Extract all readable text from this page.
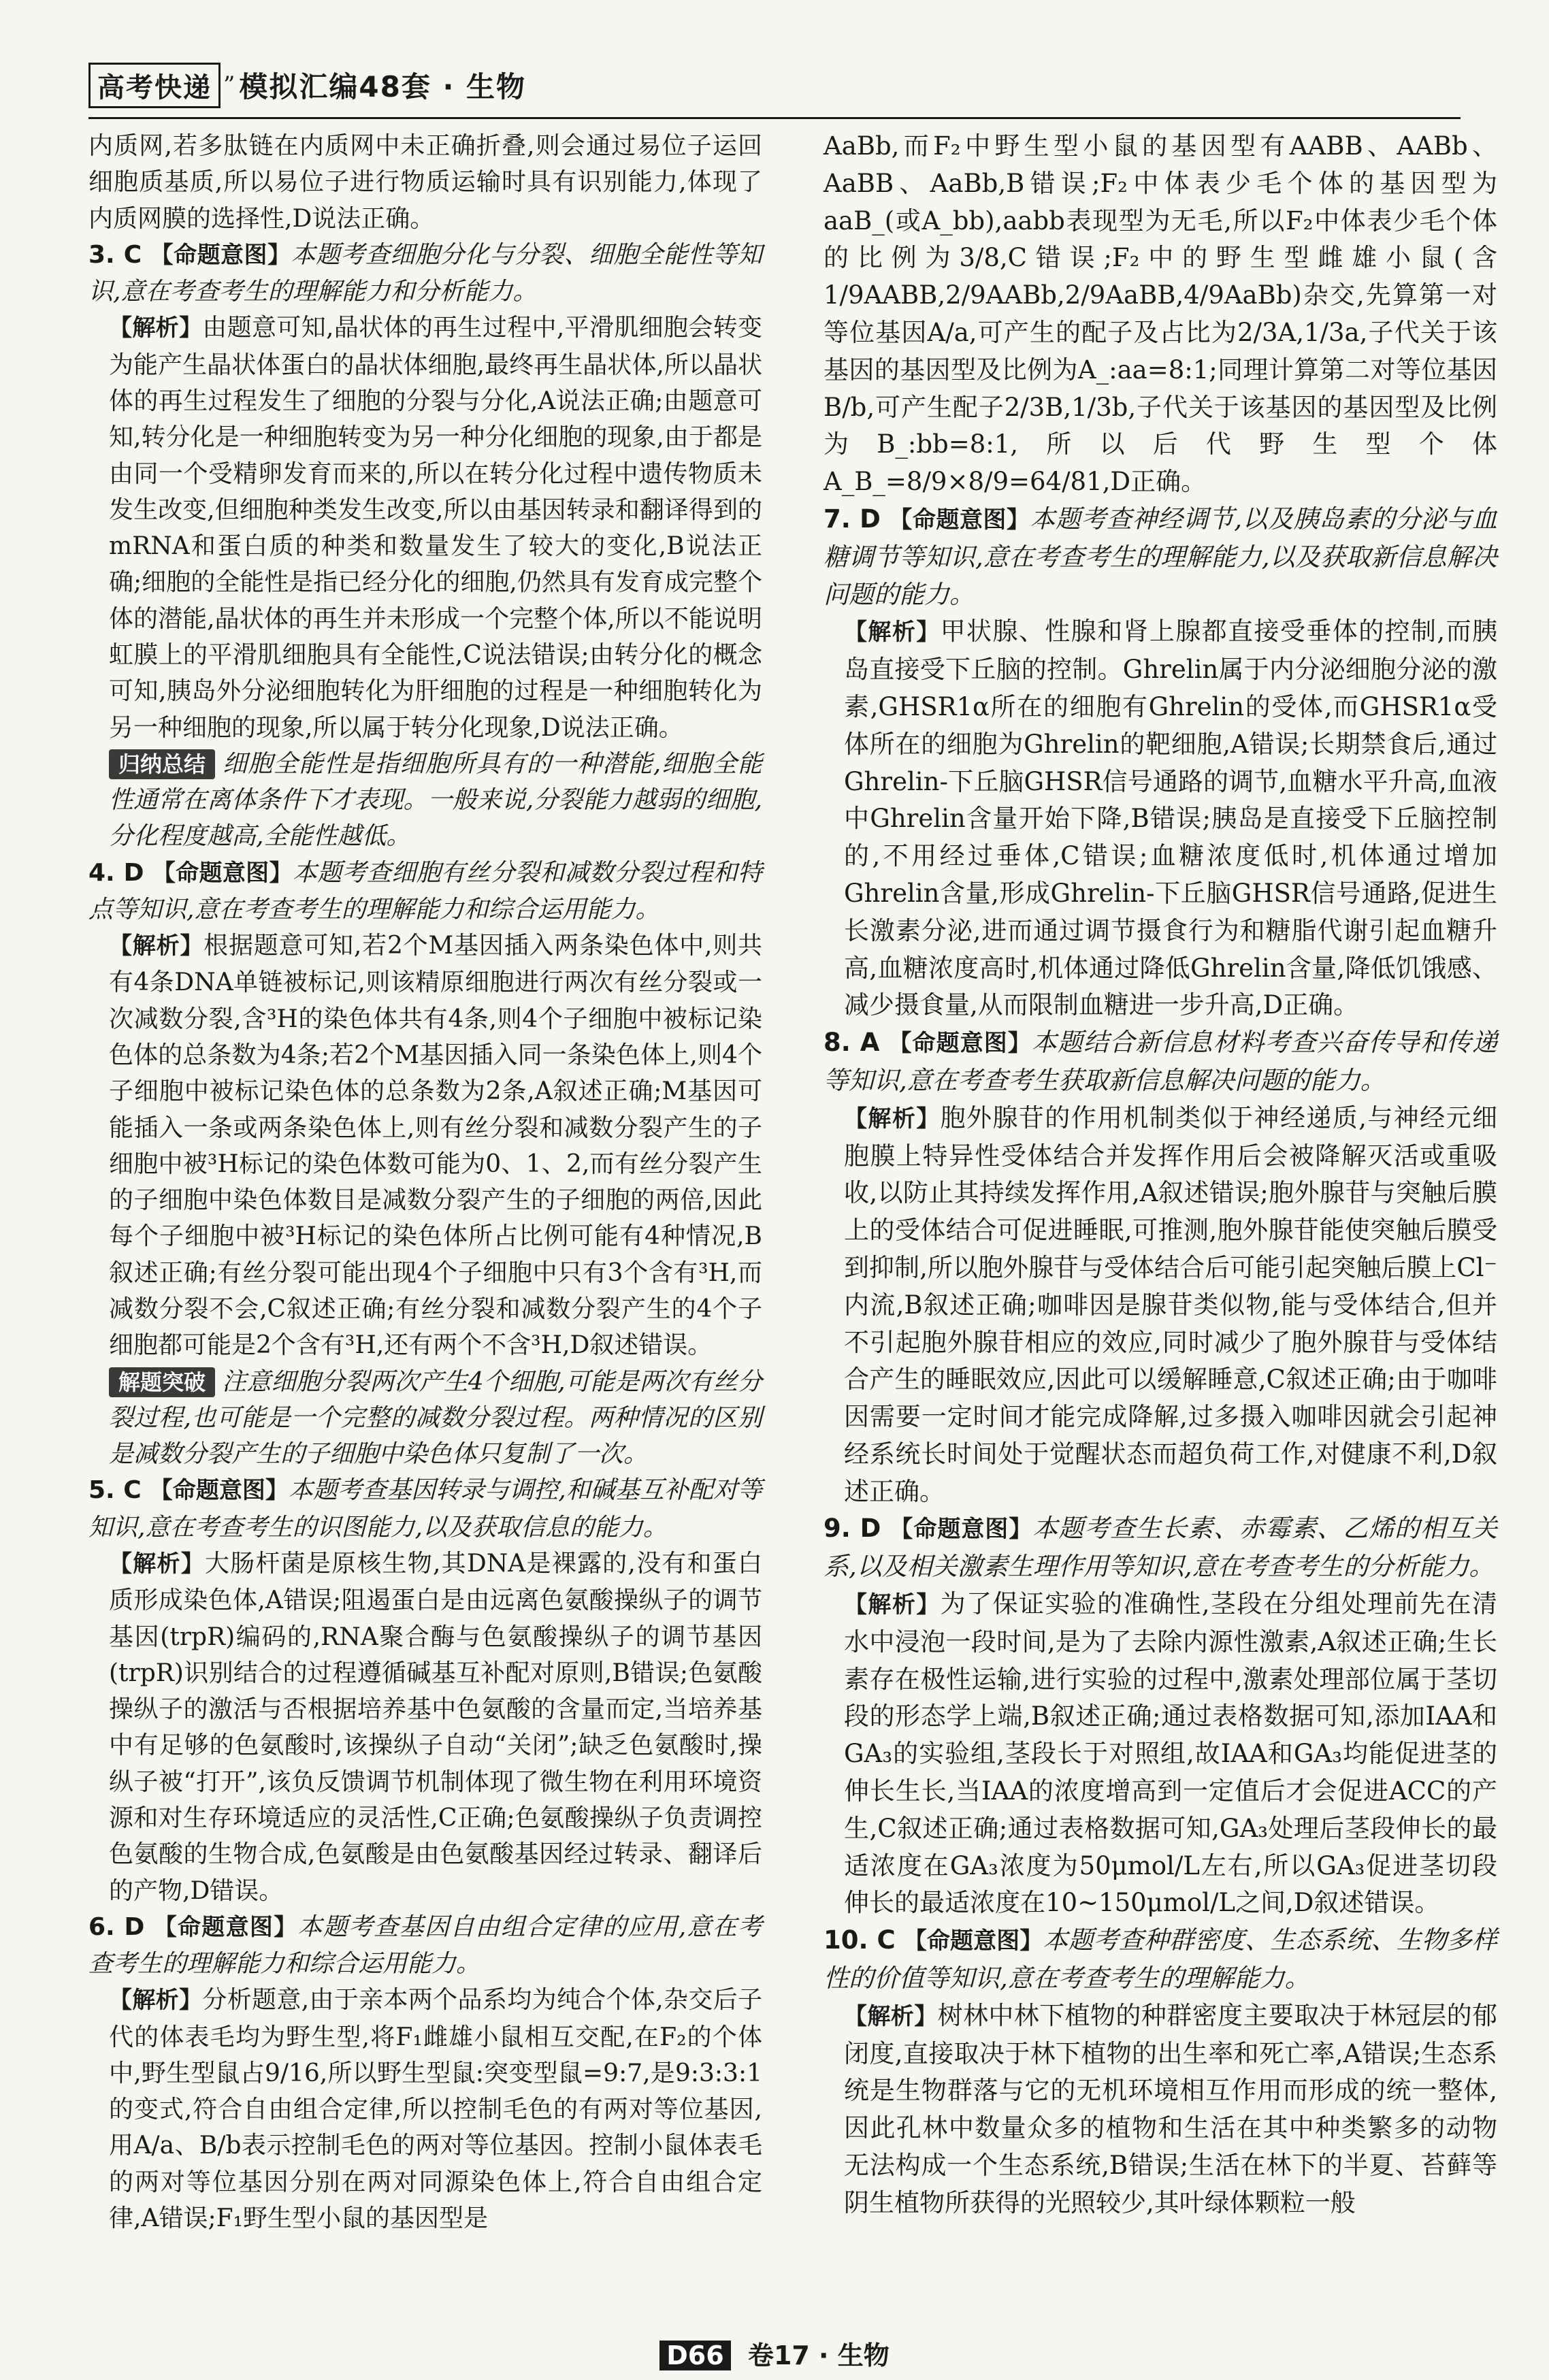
高考快递 ” 模拟汇编48套 · 生物

内质网,若多肽链在内质网中未正确折叠,则会通过易位子运回细胞质基质,所以易位子进行物质运输时具有识别能力,体现了内质网膜的选择性,D说法正确。

3. C 【命题意图】本题考查细胞分化与分裂、细胞全能性等知识,意在考查考生的理解能力和分析能力。

【解析】由题意可知,晶状体的再生过程中,平滑肌细胞会转变为能产生晶状体蛋白的晶状体细胞,最终再生晶状体,所以晶状体的再生过程发生了细胞的分裂与分化,A说法正确;由题意可知,转分化是一种细胞转变为另一种分化细胞的现象,由于都是由同一个受精卵发育而来的,所以在转分化过程中遗传物质未发生改变,但细胞种类发生改变,所以由基因转录和翻译得到的mRNA和蛋白质的种类和数量发生了较大的变化,B说法正确;细胞的全能性是指已经分化的细胞,仍然具有发育成完整个体的潜能,晶状体的再生并未形成一个完整个体,所以不能说明虹膜上的平滑肌细胞具有全能性,C说法错误;由转分化的概念可知,胰岛外分泌细胞转化为肝细胞的过程是一种细胞转化为另一种细胞的现象,所以属于转分化现象,D说法正确。

归纳总结 细胞全能性是指细胞所具有的一种潜能,细胞全能性通常在离体条件下才表现。一般来说,分裂能力越弱的细胞,分化程度越高,全能性越低。

4. D 【命题意图】本题考查细胞有丝分裂和减数分裂过程和特点等知识,意在考查考生的理解能力和综合运用能力。

【解析】根据题意可知,若2个M基因插入两条染色体中,则共有4条DNA单链被标记,则该精原细胞进行两次有丝分裂或一次减数分裂,含³H的染色体共有4条,则4个子细胞中被标记染色体的总条数为4条;若2个M基因插入同一条染色体上,则4个子细胞中被标记染色体的总条数为2条,A叙述正确;M基因可能插入一条或两条染色体上,则有丝分裂和减数分裂产生的子细胞中被³H标记的染色体数可能为0、1、2,而有丝分裂产生的子细胞中染色体数目是减数分裂产生的子细胞的两倍,因此每个子细胞中被³H标记的染色体所占比例可能有4种情况,B叙述正确;有丝分裂可能出现4个子细胞中只有3个含有³H,而减数分裂不会,C叙述正确;有丝分裂和减数分裂产生的4个子细胞都可能是2个含有³H,还有两个不含³H,D叙述错误。

解题突破 注意细胞分裂两次产生4个细胞,可能是两次有丝分裂过程,也可能是一个完整的减数分裂过程。两种情况的区别是减数分裂产生的子细胞中染色体只复制了一次。

5. C 【命题意图】本题考查基因转录与调控,和碱基互补配对等知识,意在考查考生的识图能力,以及获取信息的能力。

【解析】大肠杆菌是原核生物,其DNA是裸露的,没有和蛋白质形成染色体,A错误;阻遏蛋白是由远离色氨酸操纵子的调节基因(trpR)编码的,RNA聚合酶与色氨酸操纵子的调节基因(trpR)识别结合的过程遵循碱基互补配对原则,B错误;色氨酸操纵子的激活与否根据培养基中色氨酸的含量而定,当培养基中有足够的色氨酸时,该操纵子自动“关闭”;缺乏色氨酸时,操纵子被“打开”,该负反馈调节机制体现了微生物在利用环境资源和对生存环境适应的灵活性,C正确;色氨酸操纵子负责调控色氨酸的生物合成,色氨酸是由色氨酸基因经过转录、翻译后的产物,D错误。

6. D 【命题意图】本题考查基因自由组合定律的应用,意在考查考生的理解能力和综合运用能力。

【解析】分析题意,由于亲本两个品系均为纯合个体,杂交后子代的体表毛均为野生型,将F₁雌雄小鼠相互交配,在F₂的个体中,野生型鼠占9/16,所以野生型鼠:突变型鼠=9:7,是9:3:3:1的变式,符合自由组合定律,所以控制毛色的有两对等位基因,用A/a、B/b表示控制毛色的两对等位基因。控制小鼠体表毛的两对等位基因分别在两对同源染色体上,符合自由组合定律,A错误;F₁野生型小鼠的基因型是

AaBb,而F₂中野生型小鼠的基因型有AABB、AABb、AaBB、AaBb,B错误;F₂中体表少毛个体的基因型为aaB_(或A_bb),aabb表现型为无毛,所以F₂中体表少毛个体的比例为3/8,C错误;F₂中的野生型雌雄小鼠(含1/9AABB,2/9AABb,2/9AaBB,4/9AaBb)杂交,先算第一对等位基因A/a,可产生的配子及占比为2/3A,1/3a,子代关于该基因的基因型及比例为A_:aa=8:1;同理计算第二对等位基因B/b,可产生配子2/3B,1/3b,子代关于该基因的基因型及比例为B_:bb=8:1,所以后代野生型个体A_B_=8/9×8/9=64/81,D正确。

7. D 【命题意图】本题考查神经调节,以及胰岛素的分泌与血糖调节等知识,意在考查考生的理解能力,以及获取新信息解决问题的能力。

【解析】甲状腺、性腺和肾上腺都直接受垂体的控制,而胰岛直接受下丘脑的控制。Ghrelin属于内分泌细胞分泌的激素,GHSR1α所在的细胞有Ghrelin的受体,而GHSR1α受体所在的细胞为Ghrelin的靶细胞,A错误;长期禁食后,通过Ghrelin-下丘脑GHSR信号通路的调节,血糖水平升高,血液中Ghrelin含量开始下降,B错误;胰岛是直接受下丘脑控制的,不用经过垂体,C错误;血糖浓度低时,机体通过增加Ghrelin含量,形成Ghrelin-下丘脑GHSR信号通路,促进生长激素分泌,进而通过调节摄食行为和糖脂代谢引起血糖升高,血糖浓度高时,机体通过降低Ghrelin含量,降低饥饿感、减少摄食量,从而限制血糖进一步升高,D正确。

8. A 【命题意图】本题结合新信息材料考查兴奋传导和传递等知识,意在考查考生获取新信息解决问题的能力。

【解析】胞外腺苷的作用机制类似于神经递质,与神经元细胞膜上特异性受体结合并发挥作用后会被降解灭活或重吸收,以防止其持续发挥作用,A叙述错误;胞外腺苷与突触后膜上的受体结合可促进睡眠,可推测,胞外腺苷能使突触后膜受到抑制,所以胞外腺苷与受体结合后可能引起突触后膜上Cl⁻内流,B叙述正确;咖啡因是腺苷类似物,能与受体结合,但并不引起胞外腺苷相应的效应,同时减少了胞外腺苷与受体结合产生的睡眠效应,因此可以缓解睡意,C叙述正确;由于咖啡因需要一定时间才能完成降解,过多摄入咖啡因就会引起神经系统长时间处于觉醒状态而超负荷工作,对健康不利,D叙述正确。

9. D 【命题意图】本题考查生长素、赤霉素、乙烯的相互关系,以及相关激素生理作用等知识,意在考查考生的分析能力。

【解析】为了保证实验的准确性,茎段在分组处理前先在清水中浸泡一段时间,是为了去除内源性激素,A叙述正确;生长素存在极性运输,进行实验的过程中,激素处理部位属于茎切段的形态学上端,B叙述正确;通过表格数据可知,添加IAA和GA₃的实验组,茎段长于对照组,故IAA和GA₃均能促进茎的伸长生长,当IAA的浓度增高到一定值后才会促进ACC的产生,C叙述正确;通过表格数据可知,GA₃处理后茎段伸长的最适浓度在GA₃浓度为50μmol/L左右,所以GA₃促进茎切段伸长的最适浓度在10~150μmol/L之间,D叙述错误。

10. C 【命题意图】本题考查种群密度、生态系统、生物多样性的价值等知识,意在考查考生的理解能力。

【解析】树林中林下植物的种群密度主要取决于林冠层的郁闭度,直接取决于林下植物的出生率和死亡率,A错误;生态系统是生物群落与它的无机环境相互作用而形成的统一整体,因此孔林中数量众多的植物和生活在其中种类繁多的动物无法构成一个生态系统,B错误;生活在林下的半夏、苔藓等阴生植物所获得的光照较少,其叶绿体颗粒一般

D66 卷17 · 生物
